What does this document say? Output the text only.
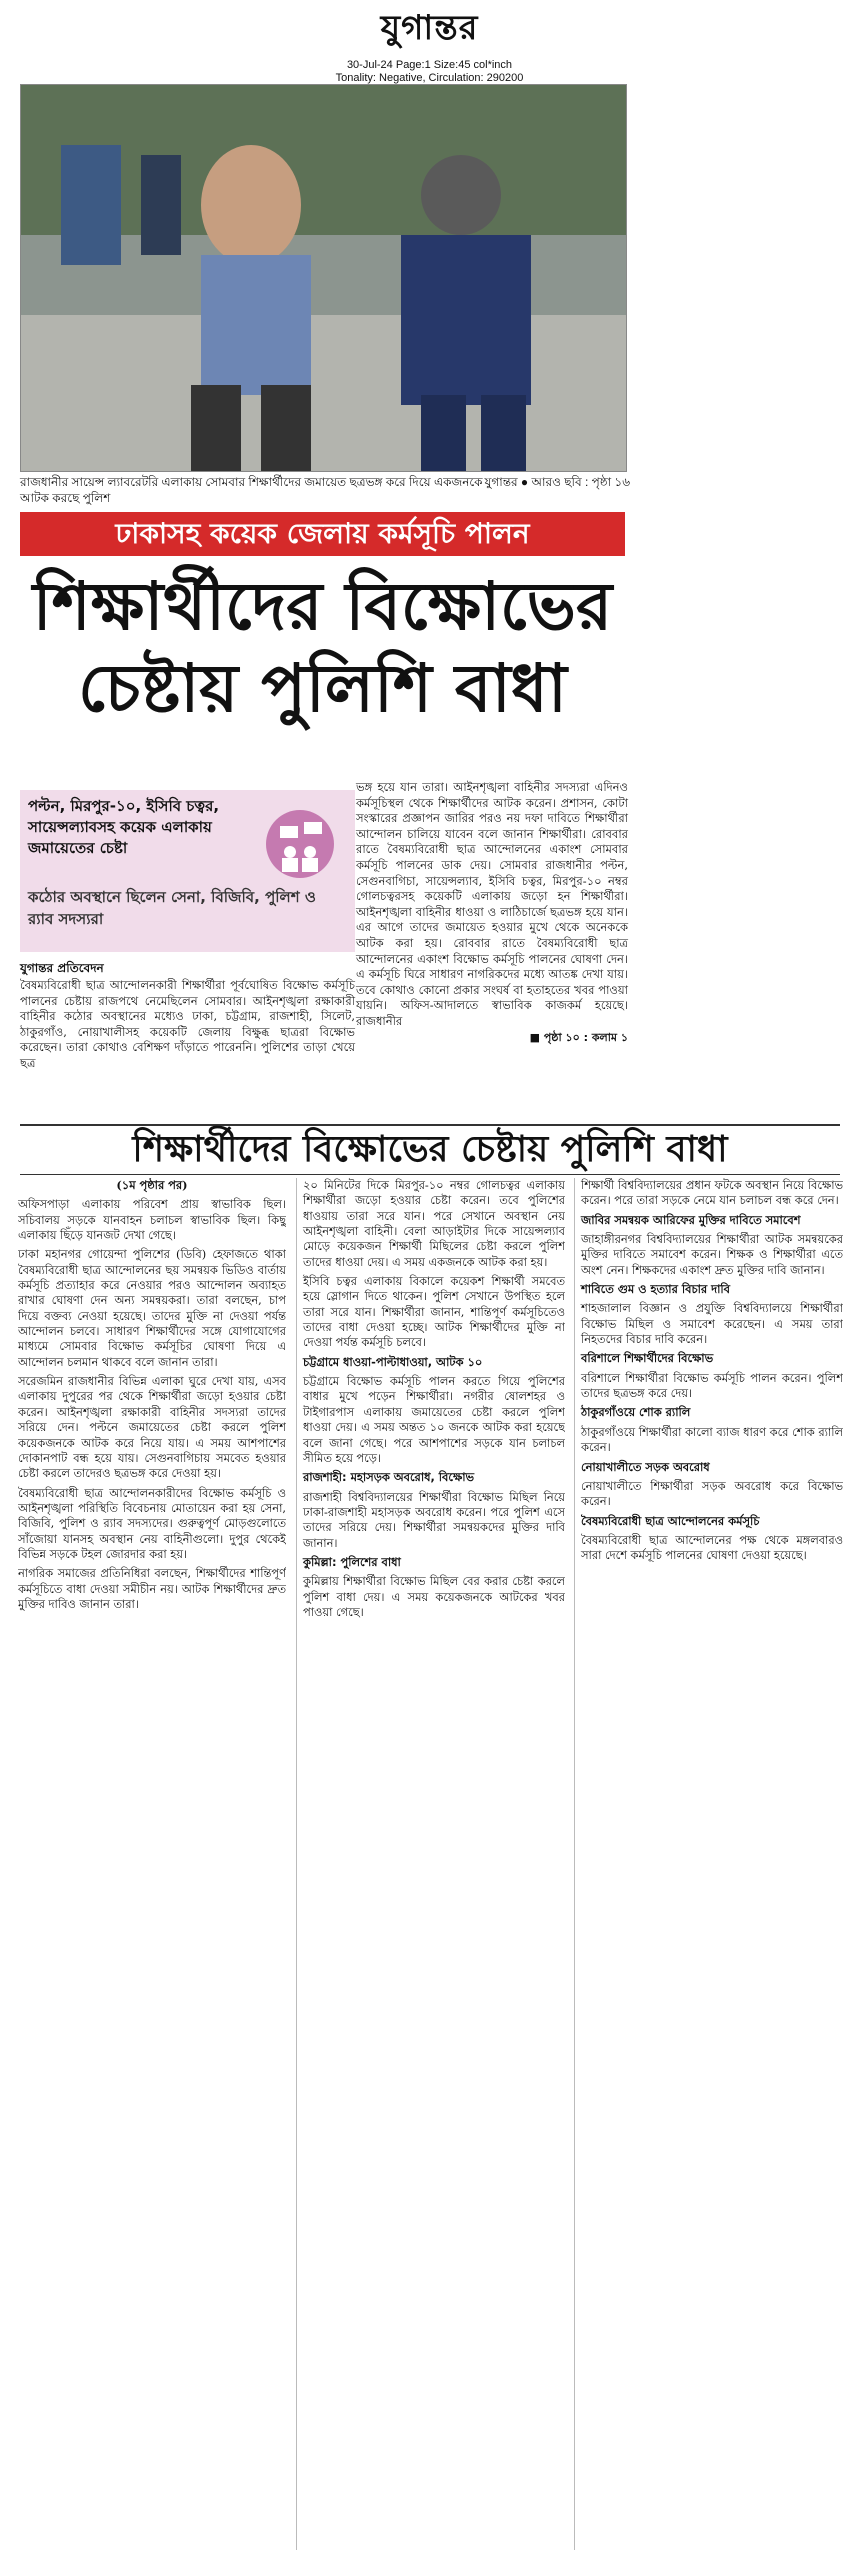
যুগান্তর
30-Jul-24 Page:1 Size:45 col*inch
Tonality: Negative, Circulation: 290200
যুগান্তর ● আরও ছবি : পৃষ্ঠা ১৬
রাজধানীর সায়েন্স ল্যাবরেটরি এলাকায় সোমবার শিক্ষার্থীদের জমায়েত ছত্রভঙ্গ করে দিয়ে একজনকে আটক করছে পুলিশ
ঢাকাসহ কয়েক জেলায় কর্মসূচি পালন
শিক্ষার্থীদের বিক্ষোভের
চেষ্টায় পুলিশি বাধা
পল্টন, মিরপুর-১০, ইসিবি চত্বর, সায়েন্সল্যাবসহ কয়েক এলাকায় জমায়েতের চেষ্টা
কঠোর অবস্থানে ছিলেন সেনা, বিজিবি, পুলিশ ও র‌্যাব সদস্যরা
ভঙ্গ হয়ে যান তারা। আইনশৃঙ্খলা বাহিনীর সদস্যরা এদিনও কর্মসূচিস্থল থেকে শিক্ষার্থীদের আটক করেন। প্রশাসন, কোটা সংস্কারের প্রজ্ঞাপন জারির পরও নয় দফা দাবিতে শিক্ষার্থীরা আন্দোলন চালিয়ে যাবেন বলে জানান শিক্ষার্থীরা। রোববার রাতে বৈষম্যবিরোধী ছাত্র আন্দোলনের একাংশ সোমবার কর্মসূচি পালনের ডাক দেয়। সোমবার রাজধানীর পল্টন, সেগুনবাগিচা, সায়েন্সল্যাব, ইসিবি চত্বর, মিরপুর-১০ নম্বর গোলচত্বরসহ কয়েকটি এলাকায় জড়ো হন শিক্ষার্থীরা। আইনশৃঙ্খলা বাহিনীর ধাওয়া ও লাঠিচার্জে ছত্রভঙ্গ হয়ে যান। এর আগে তাদের জমায়েত হওয়ার মুখে থেকে অনেককে আটক করা হয়। রোববার রাতে বৈষম্যবিরোধী ছাত্র আন্দোলনের একাংশ বিক্ষোভ কর্মসূচি পালনের ঘোষণা দেন। এ কর্মসূচি ঘিরে সাধারণ নাগরিকদের মধ্যে আতঙ্ক দেখা যায়। তবে কোথাও কোনো প্রকার সংঘর্ষ বা হতাহতের খবর পাওয়া যায়নি। অফিস-আদালতে স্বাভাবিক কাজকর্ম হয়েছে। রাজধানীর
■ পৃষ্ঠা ১০ : কলাম ১
যুগান্তর প্রতিবেদন
বৈষম্যবিরোধী ছাত্র আন্দোলনকারী শিক্ষার্থীরা পূর্বঘোষিত বিক্ষোভ কর্মসূচি পালনের চেষ্টায় রাজপথে নেমেছিলেন সোমবার। আইনশৃঙ্খলা রক্ষাকারী বাহিনীর কঠোর অবস্থানের মধ্যেও ঢাকা, চট্টগ্রাম, রাজশাহী, সিলেট, ঠাকুরগাঁও, নোয়াখালীসহ কয়েকটি জেলায় বিক্ষুব্ধ ছাত্ররা বিক্ষোভ করেছেন। তারা কোথাও বেশিক্ষণ দাঁড়াতে পারেননি। পুলিশের তাড়া খেয়ে ছত্র
শিক্ষার্থীদের বিক্ষোভের চেষ্টায় পুলিশি বাধা

(১ম পৃষ্ঠার পর)

অফিসপাড়া এলাকায় পরিবেশ প্রায় স্বাভাবিক ছিল। সচিবালয় সড়কে যানবাহন চলাচল স্বাভাবিক ছিল। কিছু এলাকায় ছিঁড়ে যানজট দেখা গেছে।

ঢাকা মহানগর গোয়েন্দা পুলিশের (ডিবি) হেফাজতে থাকা বৈষম্যবিরোধী ছাত্র আন্দোলনের ছয় সমন্বয়ক ভিডিও বার্তায় কর্মসূচি প্রত্যাহার করে নেওয়ার পরও আন্দোলন অব্যাহত রাখার ঘোষণা দেন অন্য সমন্বয়করা। তারা বলছেন, চাপ দিয়ে বক্তব্য নেওয়া হয়েছে। তাদের মুক্তি না দেওয়া পর্যন্ত আন্দোলন চলবে। সাধারণ শিক্ষার্থীদের সঙ্গে যোগাযোগের মাধ্যমে সোমবার বিক্ষোভ কর্মসূচির ঘোষণা দিয়ে এ আন্দোলন চলমান থাকবে বলে জানান তারা।

সরেজমিন রাজধানীর বিভিন্ন এলাকা ঘুরে দেখা যায়, এসব এলাকায় দুপুরের পর থেকে শিক্ষার্থীরা জড়ো হওয়ার চেষ্টা করেন। আইনশৃঙ্খলা রক্ষাকারী বাহিনীর সদস্যরা তাদের সরিয়ে দেন। পল্টনে জমায়েতের চেষ্টা করলে পুলিশ কয়েকজনকে আটক করে নিয়ে যায়। এ সময় আশপাশের দোকানপাট বন্ধ হয়ে যায়। সেগুনবাগিচায় সমবেত হওয়ার চেষ্টা করলে তাদেরও ছত্রভঙ্গ করে দেওয়া হয়।

বৈষম্যবিরোধী ছাত্র আন্দোলনকারীদের বিক্ষোভ কর্মসূচি ও আইনশৃঙ্খলা পরিস্থিতি বিবেচনায় মোতায়েন করা হয় সেনা, বিজিবি, পুলিশ ও র‌্যাব সদস্যদের। গুরুত্বপূর্ণ মোড়গুলোতে সাঁজোয়া যানসহ অবস্থান নেয় বাহিনীগুলো। দুপুর থেকেই বিভিন্ন সড়কে টহল জোরদার করা হয়।

নাগরিক সমাজের প্রতিনিধিরা বলছেন, শিক্ষার্থীদের শান্তিপূর্ণ কর্মসূচিতে বাধা দেওয়া সমীচীন নয়। আটক শিক্ষার্থীদের দ্রুত মুক্তির দাবিও জানান তারা।

২০ মিনিটের দিকে মিরপুর-১০ নম্বর গোলচত্বর এলাকায় শিক্ষার্থীরা জড়ো হওয়ার চেষ্টা করেন। তবে পুলিশের ধাওয়ায় তারা সরে যান। পরে সেখানে অবস্থান নেয় আইনশৃঙ্খলা বাহিনী। বেলা আড়াইটার দিকে সায়েন্সল্যাব মোড়ে কয়েকজন শিক্ষার্থী মিছিলের চেষ্টা করলে পুলিশ তাদের ধাওয়া দেয়। এ সময় একজনকে আটক করা হয়।

ইসিবি চত্বর এলাকায় বিকালে কয়েকশ শিক্ষার্থী সমবেত হয়ে স্লোগান দিতে থাকেন। পুলিশ সেখানে উপস্থিত হলে তারা সরে যান। শিক্ষার্থীরা জানান, শান্তিপূর্ণ কর্মসূচিতেও তাদের বাধা দেওয়া হচ্ছে। আটক শিক্ষার্থীদের মুক্তি না দেওয়া পর্যন্ত কর্মসূচি চলবে।

চট্টগ্রামে ধাওয়া-পাল্টাধাওয়া, আটক ১০

চট্টগ্রামে বিক্ষোভ কর্মসূচি পালন করতে গিয়ে পুলিশের বাধার মুখে পড়েন শিক্ষার্থীরা। নগরীর ষোলশহর ও টাইগারপাস এলাকায় জমায়েতের চেষ্টা করলে পুলিশ ধাওয়া দেয়। এ সময় অন্তত ১০ জনকে আটক করা হয়েছে বলে জানা গেছে। পরে আশপাশের সড়কে যান চলাচল সীমিত হয়ে পড়ে।

রাজশাহী: মহাসড়ক অবরোধ, বিক্ষোভ

রাজশাহী বিশ্ববিদ্যালয়ের শিক্ষার্থীরা বিক্ষোভ মিছিল নিয়ে ঢাকা-রাজশাহী মহাসড়ক অবরোধ করেন। পরে পুলিশ এসে তাদের সরিয়ে দেয়। শিক্ষার্থীরা সমন্বয়কদের মুক্তির দাবি জানান।

কুমিল্লা: পুলিশের বাধা

কুমিল্লায় শিক্ষার্থীরা বিক্ষোভ মিছিল বের করার চেষ্টা করলে পুলিশ বাধা দেয়। এ সময় কয়েকজনকে আটকের খবর পাওয়া গেছে।

শিক্ষার্থী বিশ্ববিদ্যালয়ের প্রধান ফটকে অবস্থান নিয়ে বিক্ষোভ করেন। পরে তারা সড়কে নেমে যান চলাচল বন্ধ করে দেন।

জাবির সমন্বয়ক আরিফের মুক্তির দাবিতে সমাবেশ

জাহাঙ্গীরনগর বিশ্ববিদ্যালয়ের শিক্ষার্থীরা আটক সমন্বয়কের মুক্তির দাবিতে সমাবেশ করেন। শিক্ষক ও শিক্ষার্থীরা এতে অংশ নেন। শিক্ষকদের একাংশ দ্রুত মুক্তির দাবি জানান।

শাবিতে গুম ও হত্যার বিচার দাবি

শাহজালাল বিজ্ঞান ও প্রযুক্তি বিশ্ববিদ্যালয়ে শিক্ষার্থীরা বিক্ষোভ মিছিল ও সমাবেশ করেছেন। এ সময় তারা নিহতদের বিচার দাবি করেন।

বরিশালে শিক্ষার্থীদের বিক্ষোভ

বরিশালে শিক্ষার্থীরা বিক্ষোভ কর্মসূচি পালন করেন। পুলিশ তাদের ছত্রভঙ্গ করে দেয়।

ঠাকুরগাঁওয়ে শোক র‌্যালি

ঠাকুরগাঁওয়ে শিক্ষার্থীরা কালো ব্যাজ ধারণ করে শোক র‌্যালি করেন।

নোয়াখালীতে সড়ক অবরোধ

নোয়াখালীতে শিক্ষার্থীরা সড়ক অবরোধ করে বিক্ষোভ করেন।

বৈষম্যবিরোধী ছাত্র আন্দোলনের কর্মসূচি

বৈষম্যবিরোধী ছাত্র আন্দোলনের পক্ষ থেকে মঙ্গলবারও সারা দেশে কর্মসূচি পালনের ঘোষণা দেওয়া হয়েছে।
